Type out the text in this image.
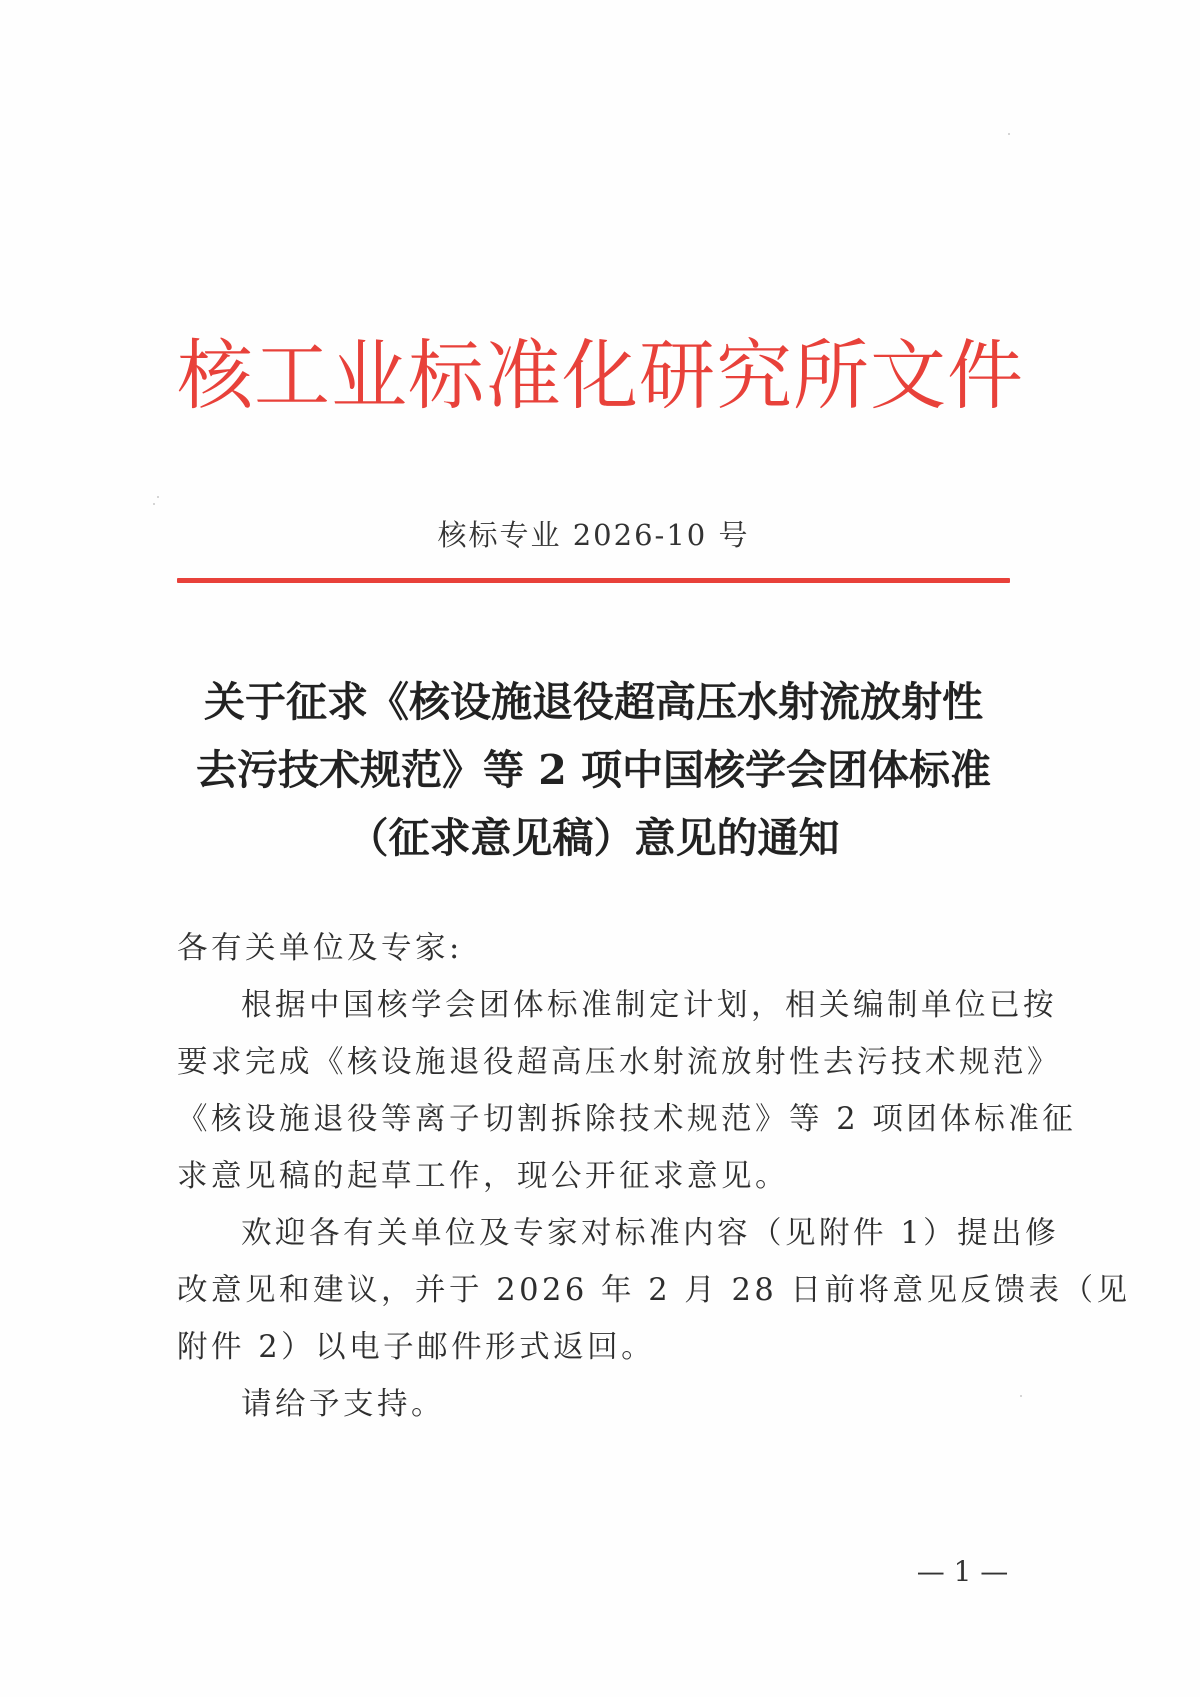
核工业标准化研究所文件
核标专业 2026-10 号
关于征求《核设施退役超高压水射流放射性
去污技术规范》等 2 项中国核学会团体标准
（征求意见稿）意见的通知
各有关单位及专家:
根据中国核学会团体标准制定计划，相关编制单位已按
要求完成《核设施退役超高压水射流放射性去污技术规范》
《核设施退役等离子切割拆除技术规范》等 2 项团体标准征
求意见稿的起草工作，现公开征求意见。
欢迎各有关单位及专家对标准内容（见附件 1）提出修
改意见和建议，并于 2026 年 2 月 28 日前将意见反馈表（见
附件 2）以电子邮件形式返回。
请给予支持。
— 1 —
